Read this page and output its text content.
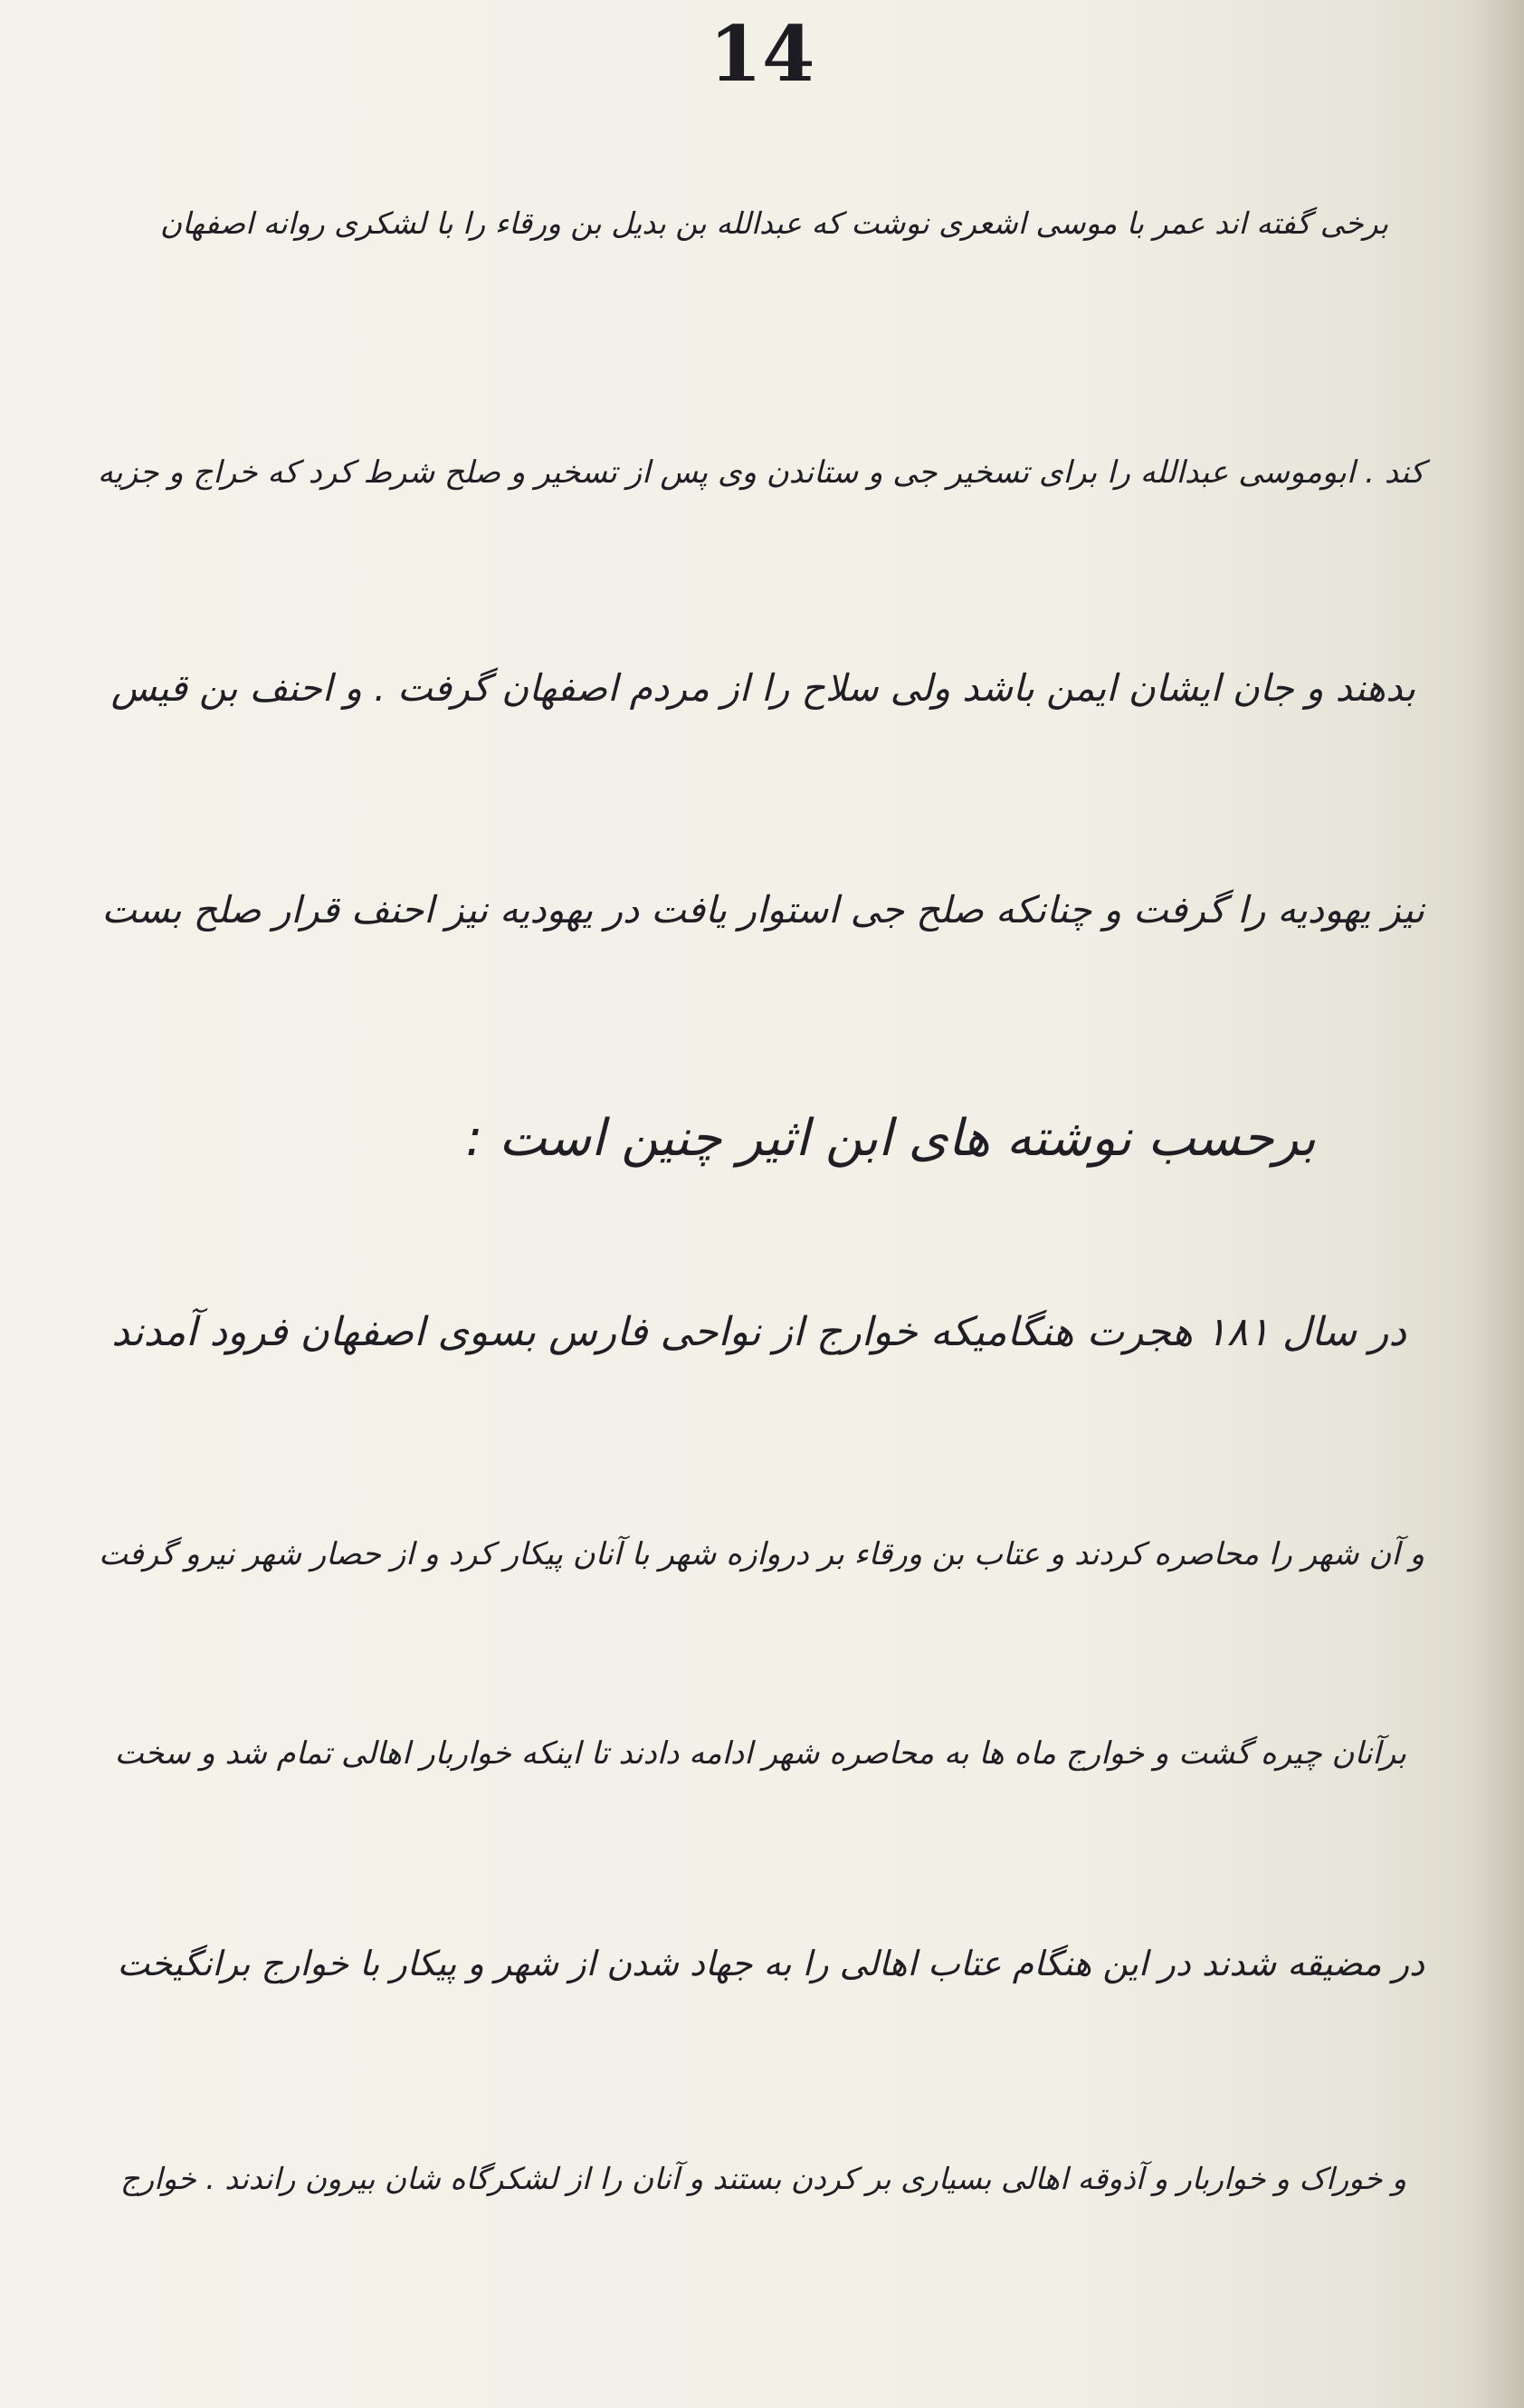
14
برخی گفته اند عمر با موسی اشعری نوشت که عبدالله بن بدیل بن ورقاء را با لشکری روانه اصفهان
کند . ابوموسی عبدالله را برای تسخیر جی و ستاندن وی پس از تسخیر و صلح شرط کرد که خراج و جزیه
بدهند و جان ایشان ایمن باشد ولی سلاح را از مردم اصفهان گرفت . و احنف بن قیس
نیز یهودیه را گرفت و چنانکه صلح جی استوار یافت در یهودیه نیز احنف قرار صلح بست
برحسب نوشته های ابن اثیر چنین است :
در سال ۱۸۱ هجرت هنگامیکه خوارج از نواحی فارس بسوی اصفهان فرود آمدند
و آن شهر را محاصره کردند و عتاب بن ورقاء بر دروازه شهر با آنان پیکار کرد و از حصار شهر نیرو گرفت
برآنان چیره گشت و خوارج ماه ها به محاصره شهر ادامه دادند تا اینکه خواربار اهالی تمام شد و سخت
در مضیقه شدند در این هنگام عتاب اهالی را به جهاد شدن از شهر و پیکار با خوارج برانگیخت
و خوراک و خواربار و آذوقه اهالی بسیاری بر کردن بستند و آنان را از لشکرگاه شان بیرون راندند . خوارج
